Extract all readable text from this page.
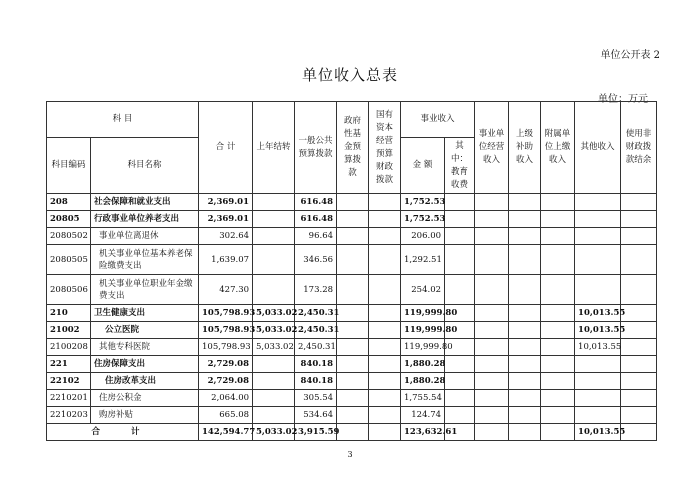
单位公开表 2
单位收入总表
单位：万元
科 目		合 计	上年结转	一般公共预算拨款	政府性基金预算拨款	国有资本经营预算财政拨款	事业收入		事业单位经营收入	上级补助收入	附属单位上缴收入	其他收入	使用非财政拨款结余
科目编码	科目名称						金 额	其中：教育收费					
208	社会保障和就业支出	2,369.01		616.48			1,752.53						
20805	行政事业单位养老支出	2,369.01		616.48			1,752.53						
2080502	事业单位离退休	302.64		96.64			206.00						
2080505	机关事业单位基本养老保险缴费支出	1,639.07		346.56			1,292.51						
2080506	机关事业单位职业年金缴费支出	427.30		173.28			254.02						
210	卫生健康支出	105,798.93	5,033.02	2,450.31			119,999.80					10,013.55	
21002	公立医院	105,798.93	5,033.02	2,450.31			119,999.80					10,013.55	
2100208	其他专科医院	105,798.93	5,033.02	2,450.31			119,999.80					10,013.55	
221	住房保障支出	2,729.08		840.18			1,880.28						
22102	住房改革支出	2,729.08		840.18			1,880.28						
2210201	住房公积金	2,064.00		305.54			1,755.54						
2210203	购房补贴	665.08		534.64			124.74						
合 计		142,594.77	5,033.02	3,915.59			123,632.61					10,013.55	
3
